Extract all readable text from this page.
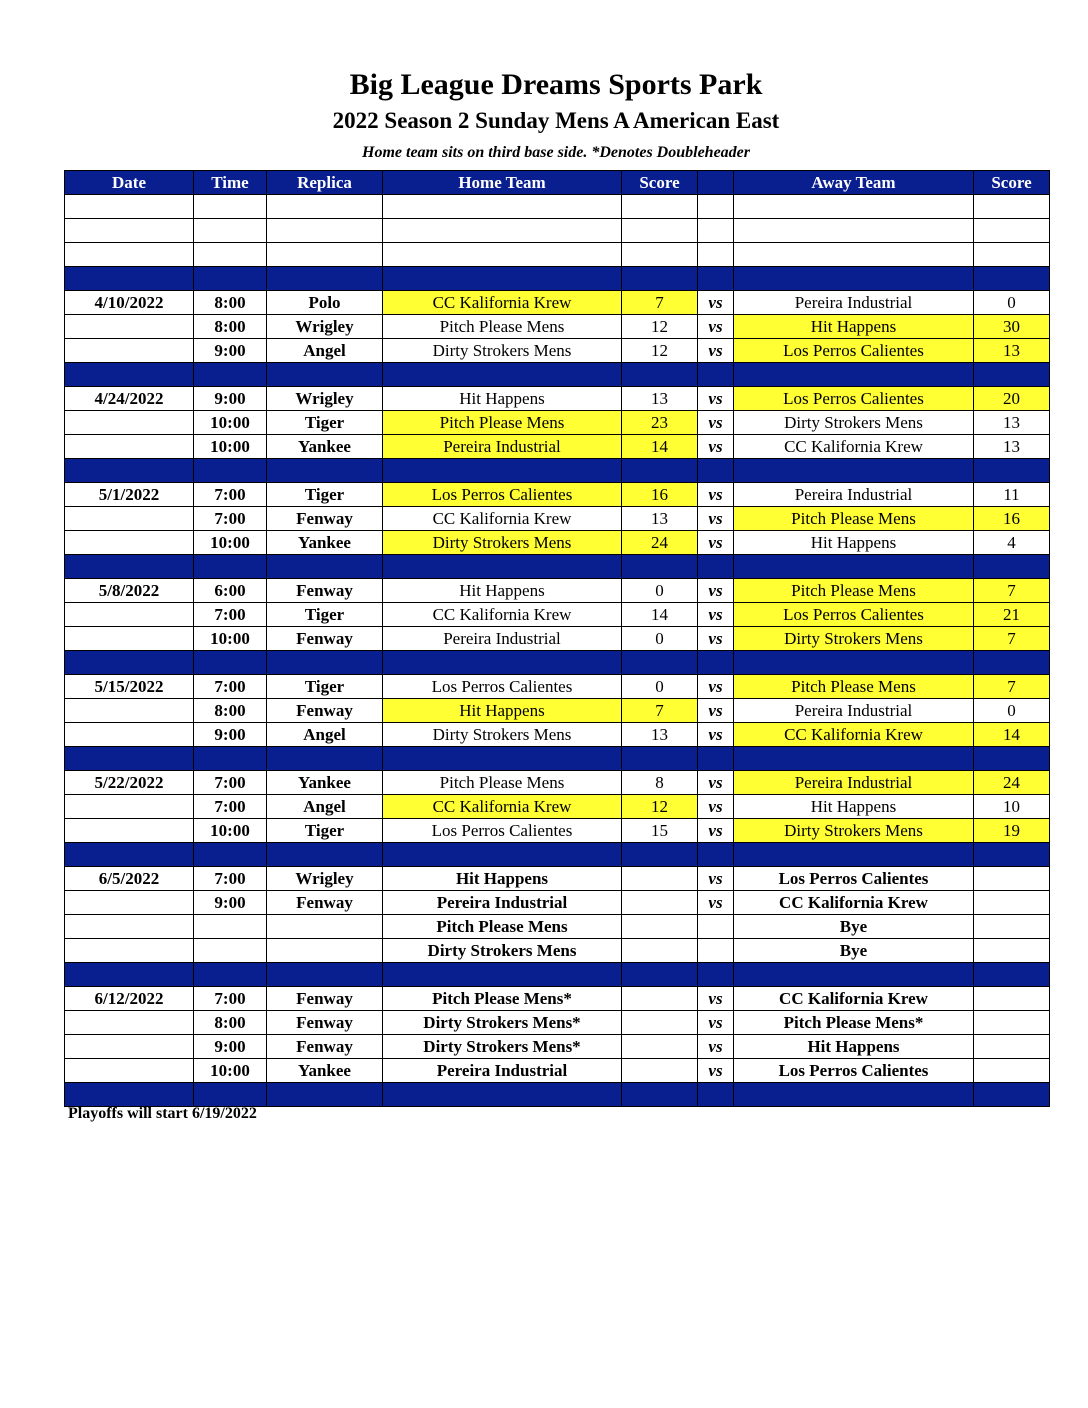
Big League Dreams Sports Park
2022 Season 2 Sunday Mens A American East
Home team sits on third base side. *Denotes Doubleheader
Date	Time	Replica	Home Team	Score		Away Team	Score

4/10/2022	8:00	Polo	CC Kalifornia Krew	7	vs	Pereira Industrial	0
	8:00	Wrigley	Pitch Please Mens	12	vs	Hit Happens	30
	9:00	Angel	Dirty Strokers Mens	12	vs	Los Perros Calientes	13

4/24/2022	9:00	Wrigley	Hit Happens	13	vs	Los Perros Calientes	20
	10:00	Tiger	Pitch Please Mens	23	vs	Dirty Strokers Mens	13
	10:00	Yankee	Pereira Industrial	14	vs	CC Kalifornia Krew	13

5/1/2022	7:00	Tiger	Los Perros Calientes	16	vs	Pereira Industrial	11
	7:00	Fenway	CC Kalifornia Krew	13	vs	Pitch Please Mens	16
	10:00	Yankee	Dirty Strokers Mens	24	vs	Hit Happens	4

5/8/2022	6:00	Fenway	Hit Happens	0	vs	Pitch Please Mens	7
	7:00	Tiger	CC Kalifornia Krew	14	vs	Los Perros Calientes	21
	10:00	Fenway	Pereira Industrial	0	vs	Dirty Strokers Mens	7

5/15/2022	7:00	Tiger	Los Perros Calientes	0	vs	Pitch Please Mens	7
	8:00	Fenway	Hit Happens	7	vs	Pereira Industrial	0
	9:00	Angel	Dirty Strokers Mens	13	vs	CC Kalifornia Krew	14

5/22/2022	7:00	Yankee	Pitch Please Mens	8	vs	Pereira Industrial	24
	7:00	Angel	CC Kalifornia Krew	12	vs	Hit Happens	10
	10:00	Tiger	Los Perros Calientes	15	vs	Dirty Strokers Mens	19

6/5/2022	7:00	Wrigley	Hit Happens		vs	Los Perros Calientes	
	9:00	Fenway	Pereira Industrial		vs	CC Kalifornia Krew	
			Pitch Please Mens			Bye	
			Dirty Strokers Mens			Bye	

6/12/2022	7:00	Fenway	Pitch Please Mens*		vs	CC Kalifornia Krew	
	8:00	Fenway	Dirty Strokers Mens*		vs	Pitch Please Mens*	
	9:00	Fenway	Dirty Strokers Mens*		vs	Hit Happens	
	10:00	Yankee	Pereira Industrial		vs	Los Perros Calientes	

Playoffs will start 6/19/2022
